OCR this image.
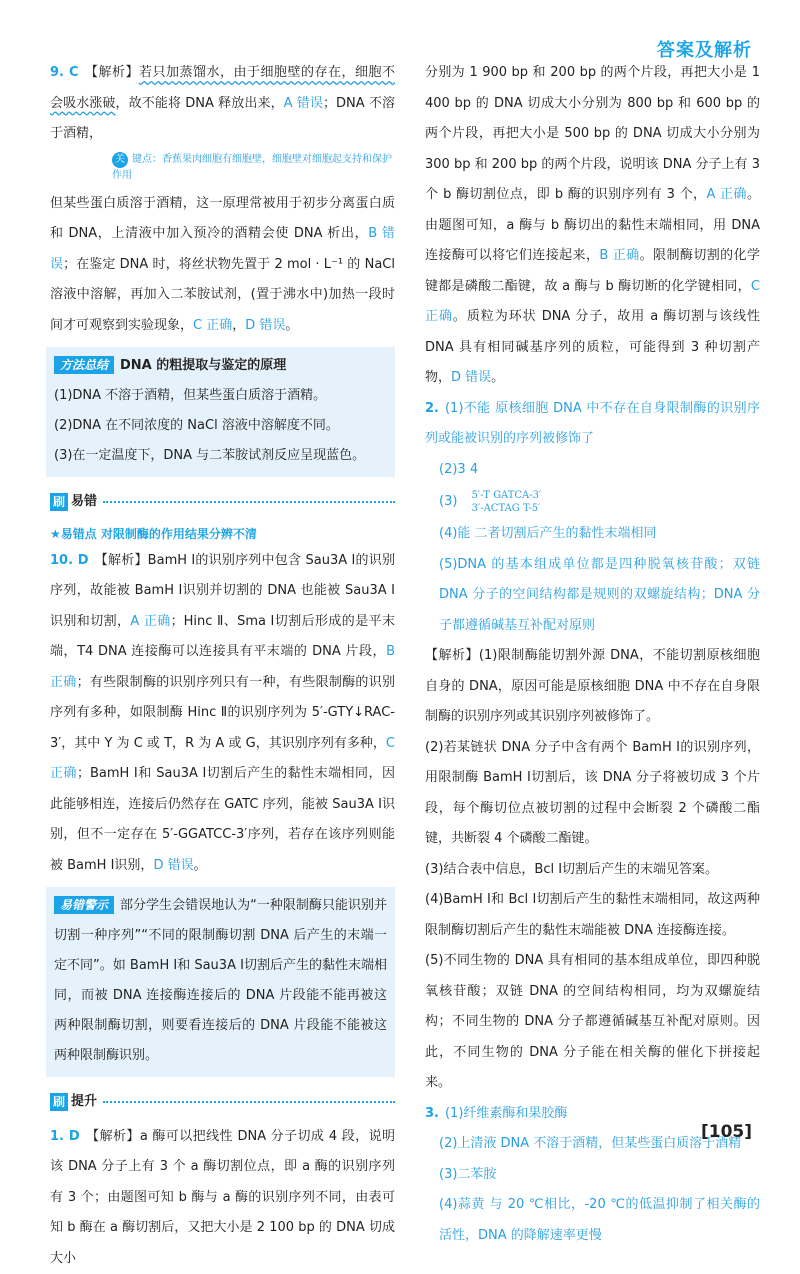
答案及解析

9. C 【解析】若只加蒸馏水，由于细胞壁的存在，细胞不会吸水涨破，故不能将 DNA 释放出来，A 错误；DNA 不溶于酒精，

关 键点：香蕉果肉细胞有细胞壁，细胞壁对细胞起支持和保护作用

但某些蛋白质溶于酒精，这一原理常被用于初步分离蛋白质和 DNA，上清液中加入预冷的酒精会使 DNA 析出，B 错误；在鉴定 DNA 时，将丝状物先置于 2 mol · L⁻¹ 的 NaCl 溶液中溶解，再加入二苯胺试剂，(置于沸水中)加热一段时间才可观察到实验现象，C 正确，D 错误。

方法总结 DNA 的粗提取与鉴定的原理

(1)DNA 不溶于酒精，但某些蛋白质溶于酒精。

(2)DNA 在不同浓度的 NaCl 溶液中溶解度不同。

(3)在一定温度下，DNA 与二苯胺试剂反应呈现蓝色。

刷 易错
★易错点 对限制酶的作用结果分辨不清

10. D 【解析】BamH Ⅰ的识别序列中包含 Sau3A Ⅰ的识别序列，故能被 BamH Ⅰ识别并切割的 DNA 也能被 Sau3A Ⅰ识别和切割，A 正确；Hinc Ⅱ、Sma Ⅰ切割后形成的是平末端，T4 DNA 连接酶可以连接具有平末端的 DNA 片段，B 正确；有些限制酶的识别序列只有一种，有些限制酶的识别序列有多种，如限制酶 Hinc Ⅱ的识别序列为 5′-GTY↓RAC-3′，其中 Y 为 C 或 T，R 为 A 或 G，其识别序列有多种，C 正确；BamH Ⅰ和 Sau3A Ⅰ切割后产生的黏性末端相同，因此能够相连，连接后仍然存在 GATC 序列，能被 Sau3A Ⅰ识别，但不一定存在 5′-GGATCC-3′序列，若存在该序列则能被 BamH Ⅰ识别，D 错误。

易错警示 部分学生会错误地认为“一种限制酶只能识别并切割一种序列”“不同的限制酶切割 DNA 后产生的末端一定不同”。如 BamH Ⅰ和 Sau3A Ⅰ切割后产生的黏性末端相同，而被 DNA 连接酶连接后的 DNA 片段能不能再被这两种限制酶切割，则要看连接后的 DNA 片段能不能被这两种限制酶识别。

刷 提升

1. D 【解析】a 酶可以把线性 DNA 分子切成 4 段，说明该 DNA 分子上有 3 个 a 酶切割位点，即 a 酶的识别序列有 3 个；由题图可知 b 酶与 a 酶的识别序列不同，由表可知 b 酶在 a 酶切割后，又把大小是 2 100 bp 的 DNA 切成大小

分别为 1 900 bp 和 200 bp 的两个片段，再把大小是 1 400 bp 的 DNA 切成大小分别为 800 bp 和 600 bp 的两个片段，再把大小是 500 bp 的 DNA 切成大小分别为 300 bp 和 200 bp 的两个片段，说明该 DNA 分子上有 3 个 b 酶切割位点，即 b 酶的识别序列有 3 个，A 正确。由题图可知，a 酶与 b 酶切出的黏性末端相同，用 DNA 连接酶可以将它们连接起来，B 正确。限制酶切割的化学键都是磷酸二酯键，故 a 酶与 b 酶切断的化学键相同，C 正确。质粒为环状 DNA 分子，故用 a 酶切割与该线性 DNA 具有相同碱基序列的质粒，可能得到 3 种切割产物，D 错误。

2. (1)不能 原核细胞 DNA 中不存在自身限制酶的识别序列或能被识别的序列被修饰了

(2)3 4

(3) 5′-T GATCA-3′
3′-ACTAG T-5′

(4)能 二者切割后产生的黏性末端相同

(5)DNA 的基本组成单位都是四种脱氧核苷酸；双链 DNA 分子的空间结构都是规则的双螺旋结构；DNA 分子都遵循碱基互补配对原则

【解析】(1)限制酶能切割外源 DNA，不能切割原核细胞自身的 DNA，原因可能是原核细胞 DNA 中不存在自身限制酶的识别序列或其识别序列被修饰了。

(2)若某链状 DNA 分子中含有两个 BamH Ⅰ的识别序列，用限制酶 BamH Ⅰ切割后，该 DNA 分子将被切成 3 个片段，每个酶切位点被切割的过程中会断裂 2 个磷酸二酯键，共断裂 4 个磷酸二酯键。

(3)结合表中信息，Bcl Ⅰ切割后产生的末端见答案。

(4)BamH Ⅰ和 Bcl Ⅰ切割后产生的黏性末端相同，故这两种限制酶切割后产生的黏性末端能被 DNA 连接酶连接。

(5)不同生物的 DNA 具有相同的基本组成单位，即四种脱氧核苷酸；双链 DNA 的空间结构相同，均为双螺旋结构；不同生物的 DNA 分子都遵循碱基互补配对原则。因此，不同生物的 DNA 分子能在相关酶的催化下拼接起来。

3. (1)纤维素酶和果胶酶

(2)上清液 DNA 不溶于酒精，但某些蛋白质溶于酒精

(3)二苯胺

(4)蒜黄 与 20 ℃相比，-20 ℃的低温抑制了相关酶的活性，DNA 的降解速率更慢

[105]
